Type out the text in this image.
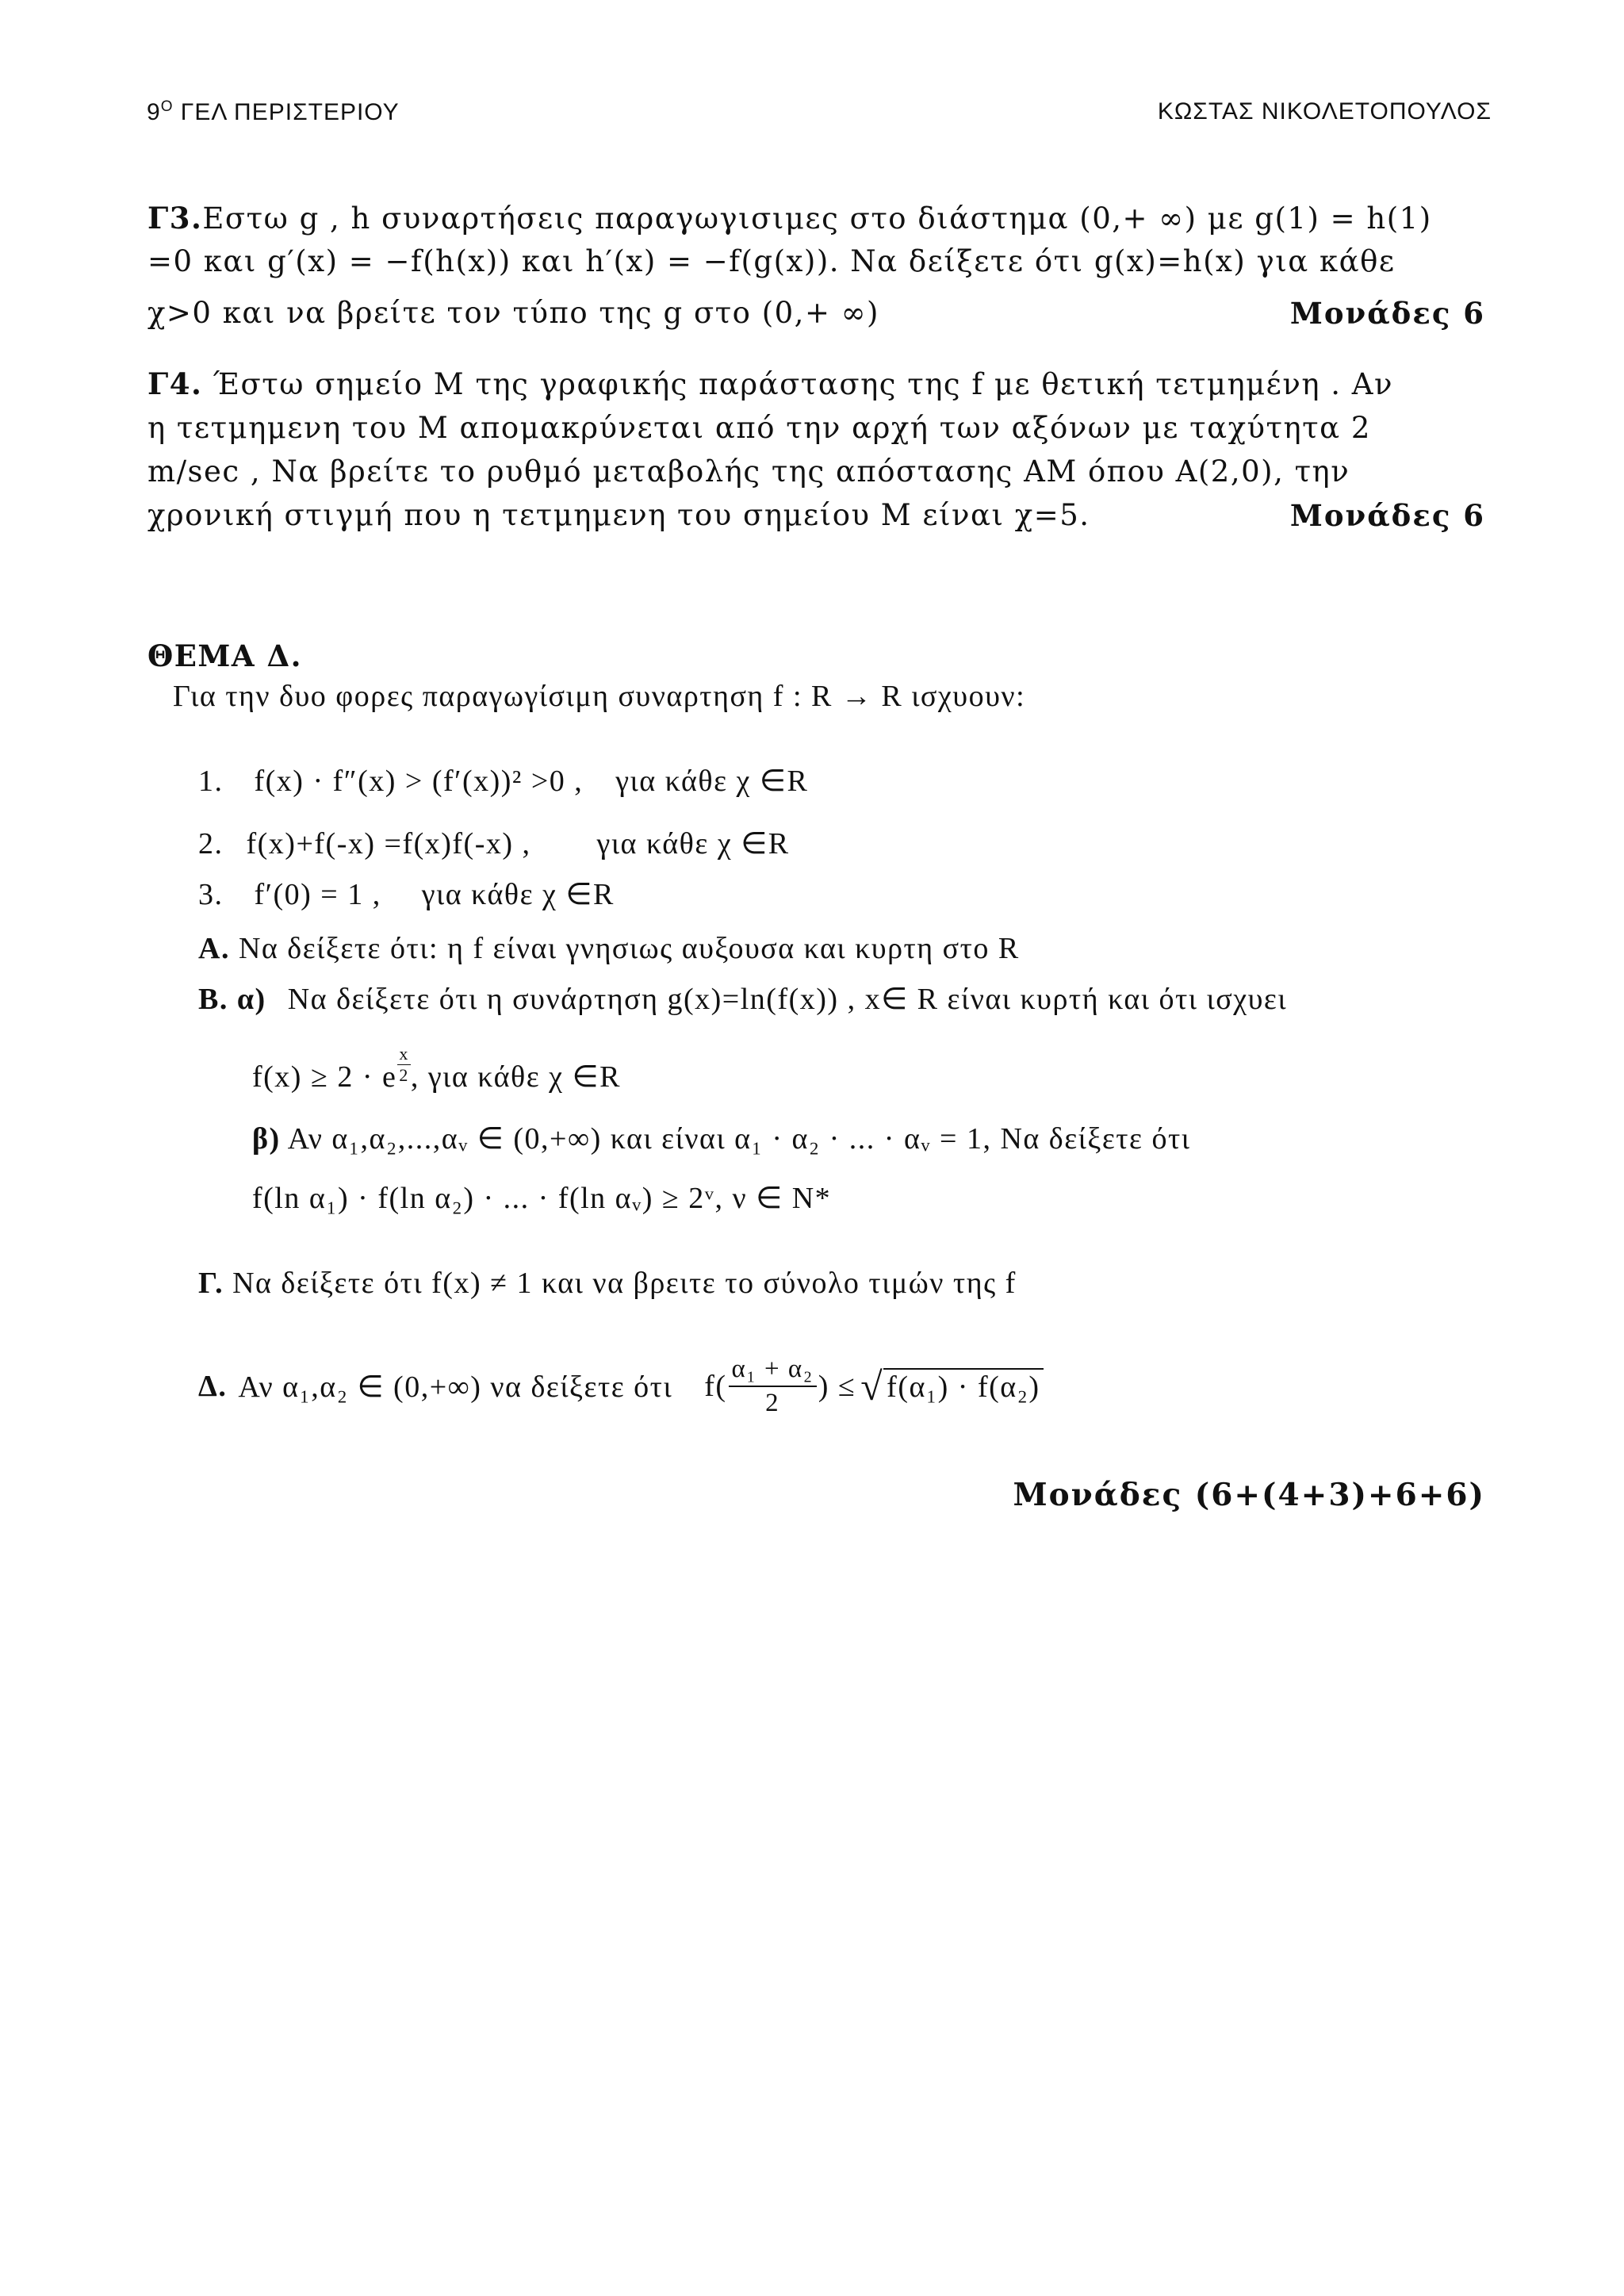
$9^O$ ΓΕΛ ΠΕΡΙΣΤΕΡΙΟΥ	ΚΩΣΤΑΣ ΝΙΚΟΛΕΤΟΠΟΥΛΟΣ
Γ3.Εστω g , h συναρτήσεις παραγωγισιμες στο διάστημα (0,+ ∞) με g(1) = h(1)
=0 και g′(x) = −f(h(x)) και h′(x) = −f(g(x)). Να δείξετε ότι g(x)=h(x) για κάθε
χ>0 και να βρείτε τον τύπο της g στο (0,+ ∞)	Μονάδες 6
Γ4. Έστω σημείο Μ της γραφικής παράστασης της f με θετική τετμημένη . Αν
η τετμημενη του Μ απομακρύνεται από την αρχή των αξόνων με ταχύτητα 2
m/sec , Να βρείτε το ρυθμό μεταβολής της απόστασης ΑΜ όπου Α(2,0), την
χρονική στιγμή που η τετμημενη του σημείου Μ είναι χ=5.	Μονάδες 6
ΘΕΜΑ Δ.
Για την δυο φορες παραγωγίσιμη συναρτηση f : R → R ισχυουν:
1. f(x) · f″(x) > (f′(x))² >0 , για κάθε χ ∈R
2. f(x)+f(-x) =f(x)f(-x) , για κάθε χ ∈R
3. f′(0) = 1 , για κάθε χ ∈R
Α. Να δείξετε ότι: η f είναι γνησιως αυξουσα και κυρτη στο R
Β. α) Να δείξετε ότι η συνάρτηση g(x)=ln(f(x)) , x∈ R είναι κυρτή και ότι ισχυει
f(x) ≥ 2 · e $\frac{x}{2}$ , για κάθε χ ∈R
β) Αν α₁,α₂,...,αᵥ ∈ (0,+∞) και είναι α₁ · α₂ · ... · αᵥ = 1, Να δείξετε ότι
f(ln α₁) · f(ln α₂) · ... · f(ln αᵥ) ≥ 2ᵛ, ν ∈ N*
Γ. Να δείξετε ότι f(x) ≠ 1 και να βρειτε το σύνολο τιμών της f
Δ. Αν α₁,α₂ ∈ (0,+∞) να δείξετε ότι $f( \frac{\text{α₁ + α₂}}{2}$ ) ≤ √ f(α₁) · f(α₂)
Μονάδες (6+(4+3)+6+6)
